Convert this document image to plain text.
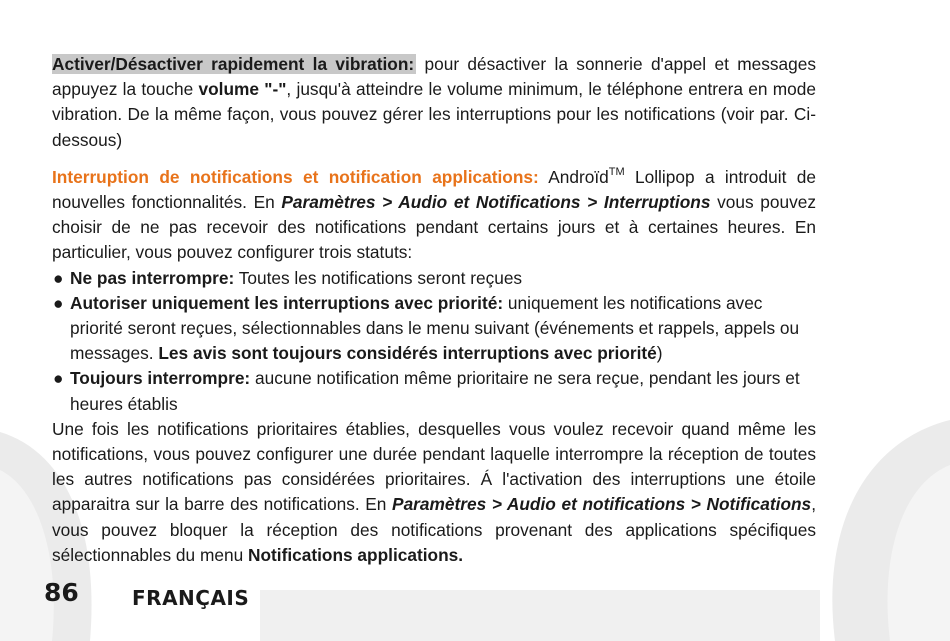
Activer/Désactiver rapidement la vibration: pour désactiver la sonnerie d'appel et messages appuyez la touche volume "-", jusqu'à atteindre le volume minimum, le téléphone entrera en mode vibration. De la même façon, vous pouvez gérer les interruptions pour les notifications (voir par. Ci-dessous)

Interruption de notifications et notification applications: Androïd™ Lollipop a introduit de nouvelles fonctionnalités. En Paramètres > Audio et Notifications > Interruptions vous pouvez choisir de ne pas recevoir des notifications pendant certains jours et à certaines heures. En particulier, vous pouvez configurer trois statuts:

● Ne pas interrompre: Toutes les notifications seront reçues
● Autoriser uniquement les interruptions avec priorité: uniquement les notifications avec priorité seront reçues, sélectionnables dans le menu suivant (événements et rappels, appels ou messages. Les avis sont toujours considérés interruptions avec priorité)
● Toujours interrompre: aucune notification même prioritaire ne sera reçue, pendant les jours et heures établis

Une fois les notifications prioritaires établies, desquelles vous voulez recevoir quand même les notifications, vous pouvez configurer une durée pendant laquelle interrompre la réception de toutes les autres notifications pas considérées prioritaires. Á l'activation des interruptions une étoile apparaitra sur la barre des notifications. En Paramètres > Audio et notifications > Notifications, vous pouvez bloquer la réception des notifications provenant des applications spécifiques sélectionnables du menu Notifications applications.

86	FRANÇAIS
